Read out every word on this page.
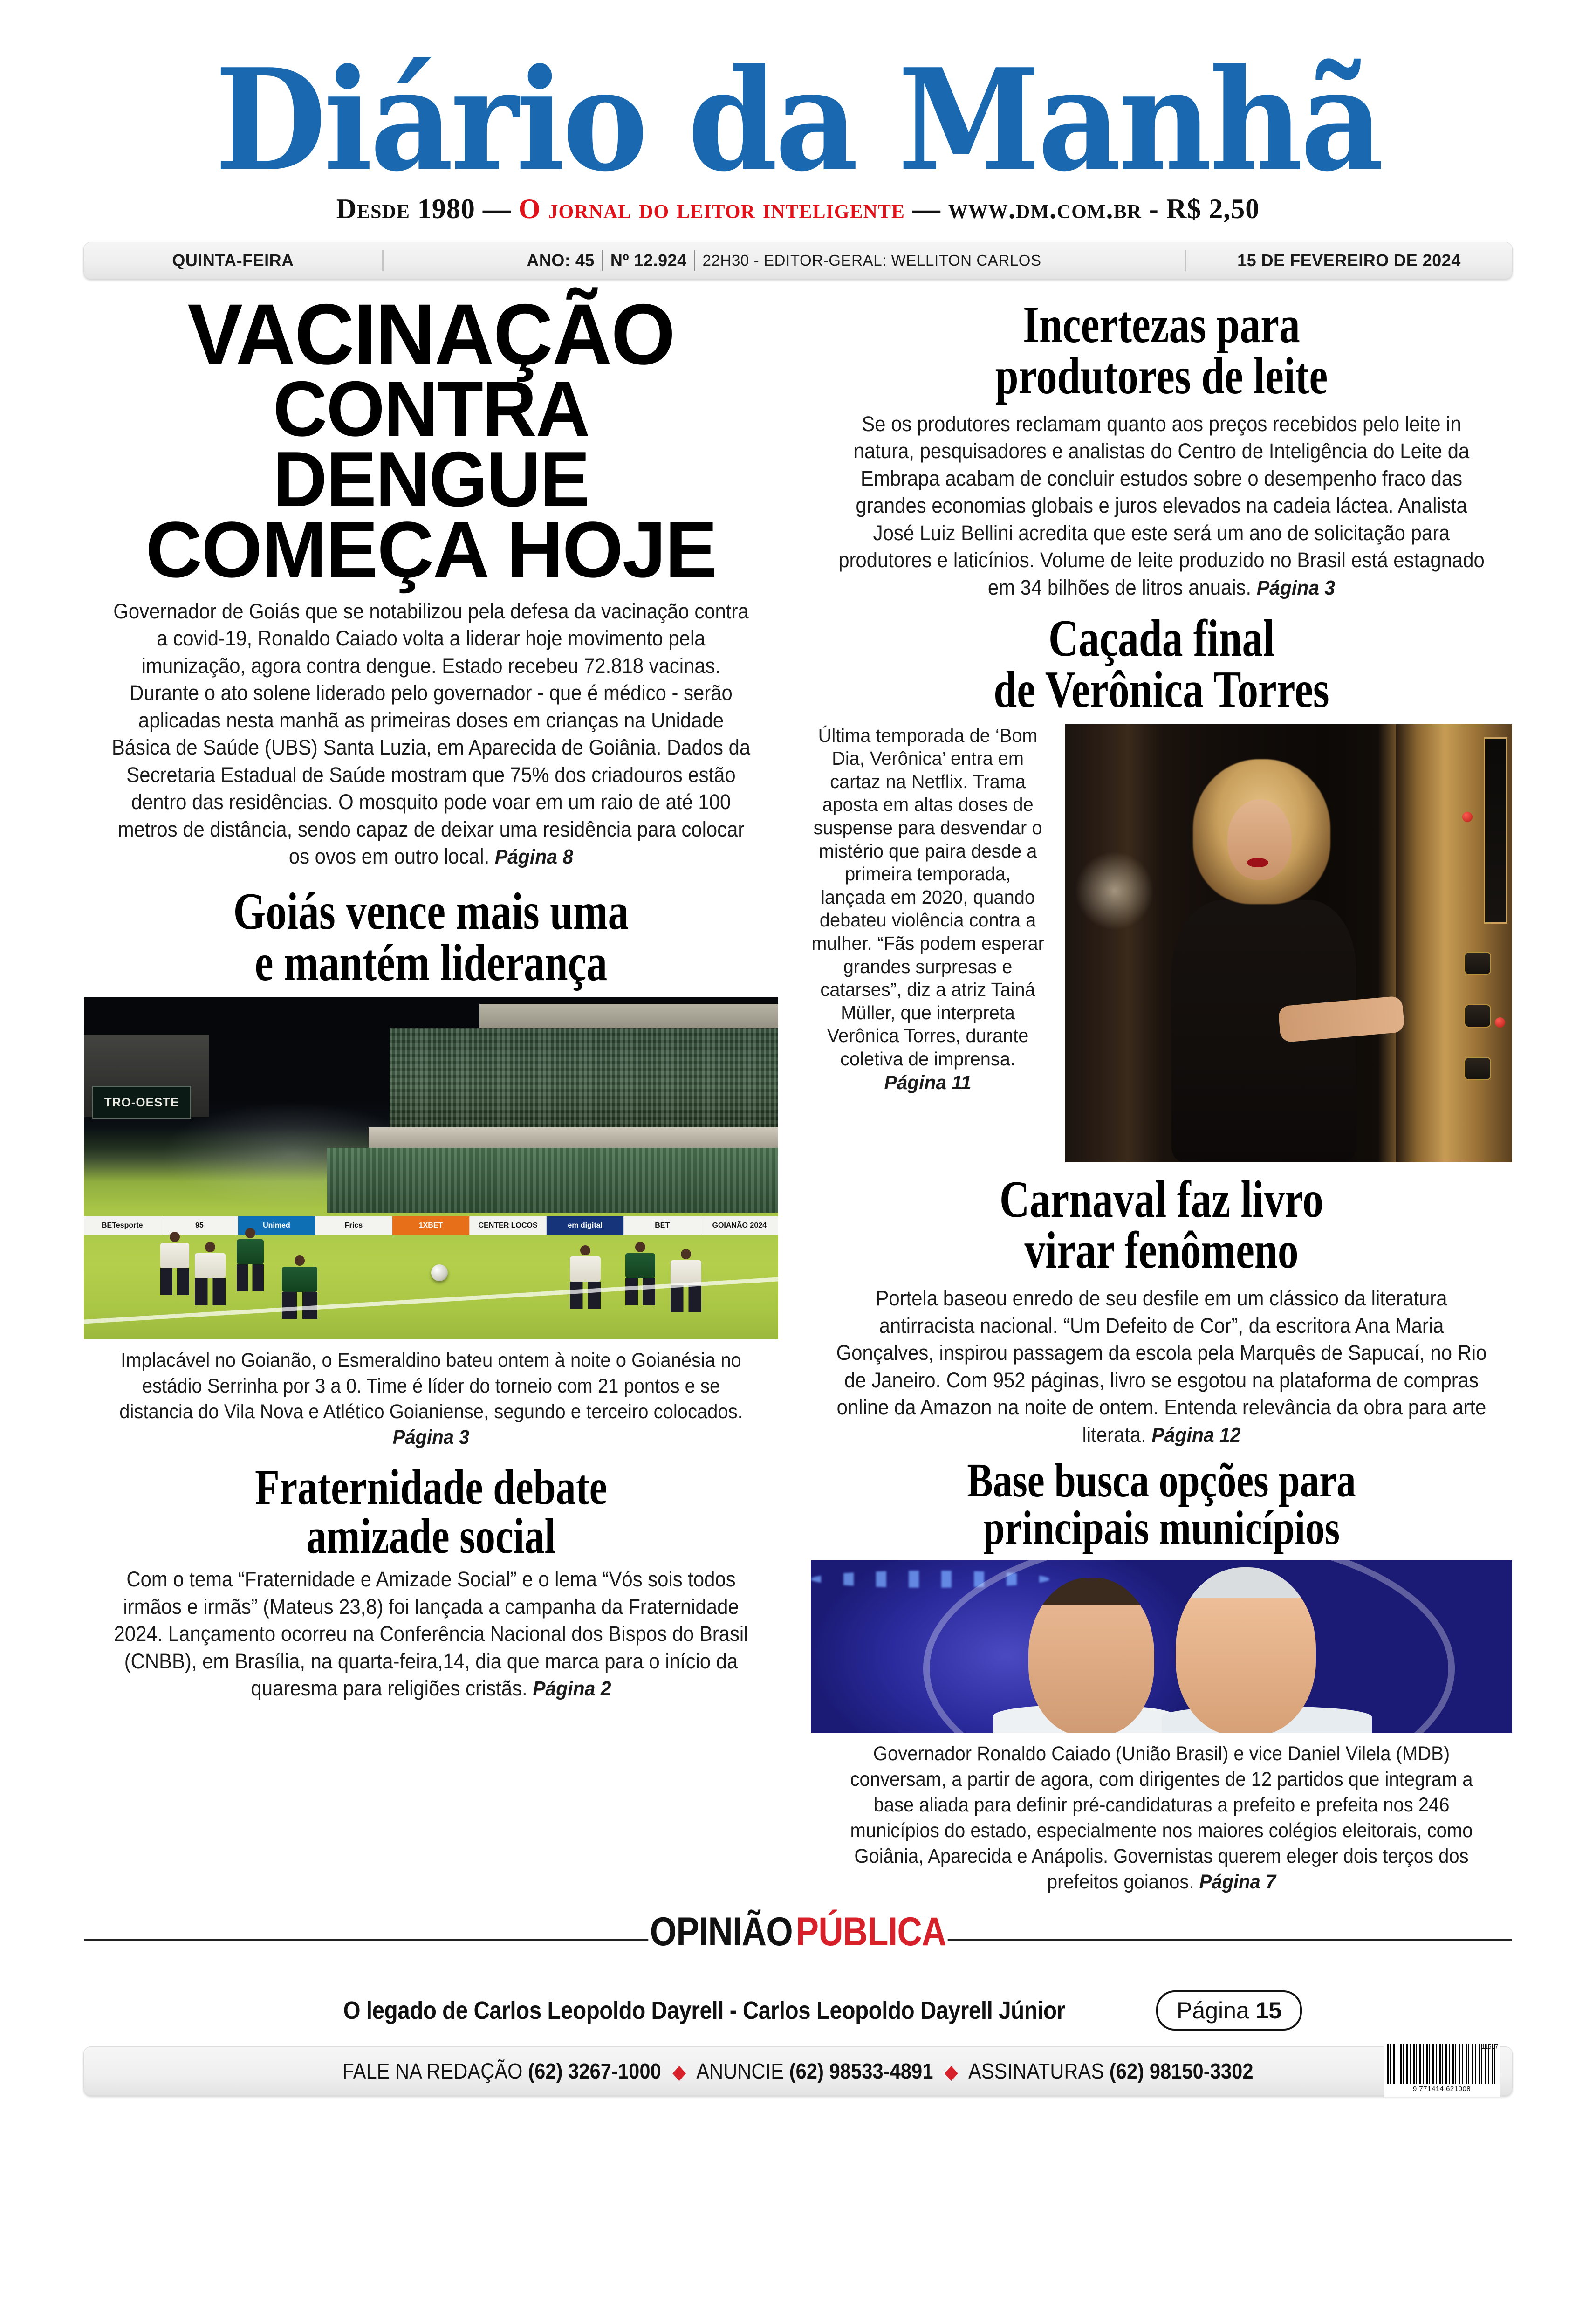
Diário da Manhã
Desde 1980 — O jornal do leitor inteligente — www.dm.com.br - R$ 2,50
QUINTA-FEIRA	ANO: 45 Nº 12.924	22H30 - EDITOR-GERAL: WELLITON CARLOS	15 DE FEVEREIRO DE 2024
VACINAÇÃO
CONTRA
DENGUE
COMEÇA HOJE
Governador de Goiás que se notabilizou pela defesa da vacinação contra a covid-19, Ronaldo Caiado volta a liderar hoje movimento pela imunização, agora contra dengue. Estado recebeu 72.818 vacinas. Durante o ato solene liderado pelo governador - que é médico - serão aplicadas nesta manhã as primeiras doses em crianças na Unidade Básica de Saúde (UBS) Santa Luzia, em Aparecida de Goiânia. Dados da Secretaria Estadual de Saúde mostram que 75% dos criadouros estão dentro das residências. O mosquito pode voar em um raio de até 100 metros de distância, sendo capaz de deixar uma residência para colocar os ovos em outro local. Página 8
Goiás vence mais uma
e mantém liderança
TRO-OESTE
BETesporte	95	Unimed	Frics	1XBET	CENTER LOCOS	em digital	BET	GOIANÃO 2024
Implacável no Goianão, o Esmeraldino bateu ontem à noite o Goianésia no estádio Serrinha por 3 a 0. Time é líder do torneio com 21 pontos e se distancia do Vila Nova e Atlético Goianiense, segundo e terceiro colocados. Página 3
Fraternidade debate
amizade social
Com o tema “Fraternidade e Amizade Social” e o lema “Vós sois todos irmãos e irmãs” (Mateus 23,8) foi lançada a campanha da Fraternidade 2024. Lançamento ocorreu na Conferência Nacional dos Bispos do Brasil (CNBB), em Brasília, na quarta-feira,14, dia que marca para o início da quaresma para religiões cristãs. Página 2
Incertezas para
produtores de leite
Se os produtores reclamam quanto aos preços recebidos pelo leite in natura, pesquisadores e analistas do Centro de Inteligência do Leite da Embrapa acabam de concluir estudos sobre o desempenho fraco das grandes economias globais e juros elevados na cadeia láctea. Analista José Luiz Bellini acredita que este será um ano de solicitação para produtores e laticínios. Volume de leite produzido no Brasil está estagnado em 34 bilhões de litros anuais. Página 3
Caçada final
de Verônica Torres
Última temporada de ‘Bom Dia, Verônica’ entra em cartaz na Netflix. Trama aposta em altas doses de suspense para desvendar o mistério que paira desde a primeira temporada, lançada em 2020, quando debateu violência contra a mulher. “Fãs podem esperar grandes surpresas e catarses”, diz a atriz Tainá Müller, que interpreta Verônica Torres, durante coletiva de imprensa. Página 11
Carnaval faz livro
virar fenômeno
Portela baseou enredo de seu desfile em um clássico da literatura antirracista nacional. “Um Defeito de Cor”, da escritora Ana Maria Gonçalves, inspirou passagem da escola pela Marquês de Sapucaí, no Rio de Janeiro. Com 952 páginas, livro se esgotou na plataforma de compras online da Amazon na noite de ontem. Entenda relevância da obra para arte literata. Página 12
Base busca opções para
principais municípios
Governador Ronaldo Caiado (União Brasil) e vice Daniel Vilela (MDB) conversam, a partir de agora, com dirigentes de 12 partidos que integram a base aliada para definir pré-candidaturas a prefeito e prefeita nos 246 municípios do estado, especialmente nos maiores colégios eleitorais, como Goiânia, Aparecida e Anápolis. Governistas querem eleger dois terços dos prefeitos goianos. Página 7
OPINIÃOPÚBLICA
O legado de Carlos Leopoldo Dayrell - Carlos Leopoldo Dayrell Júnior	Página 15
FALE NA REDAÇÃO (62) 3267-1000 ◆ ANUNCIE (62) 98533-4891 ◆ ASSINATURAS (62) 98150-3302
11517
9 771414 621008
